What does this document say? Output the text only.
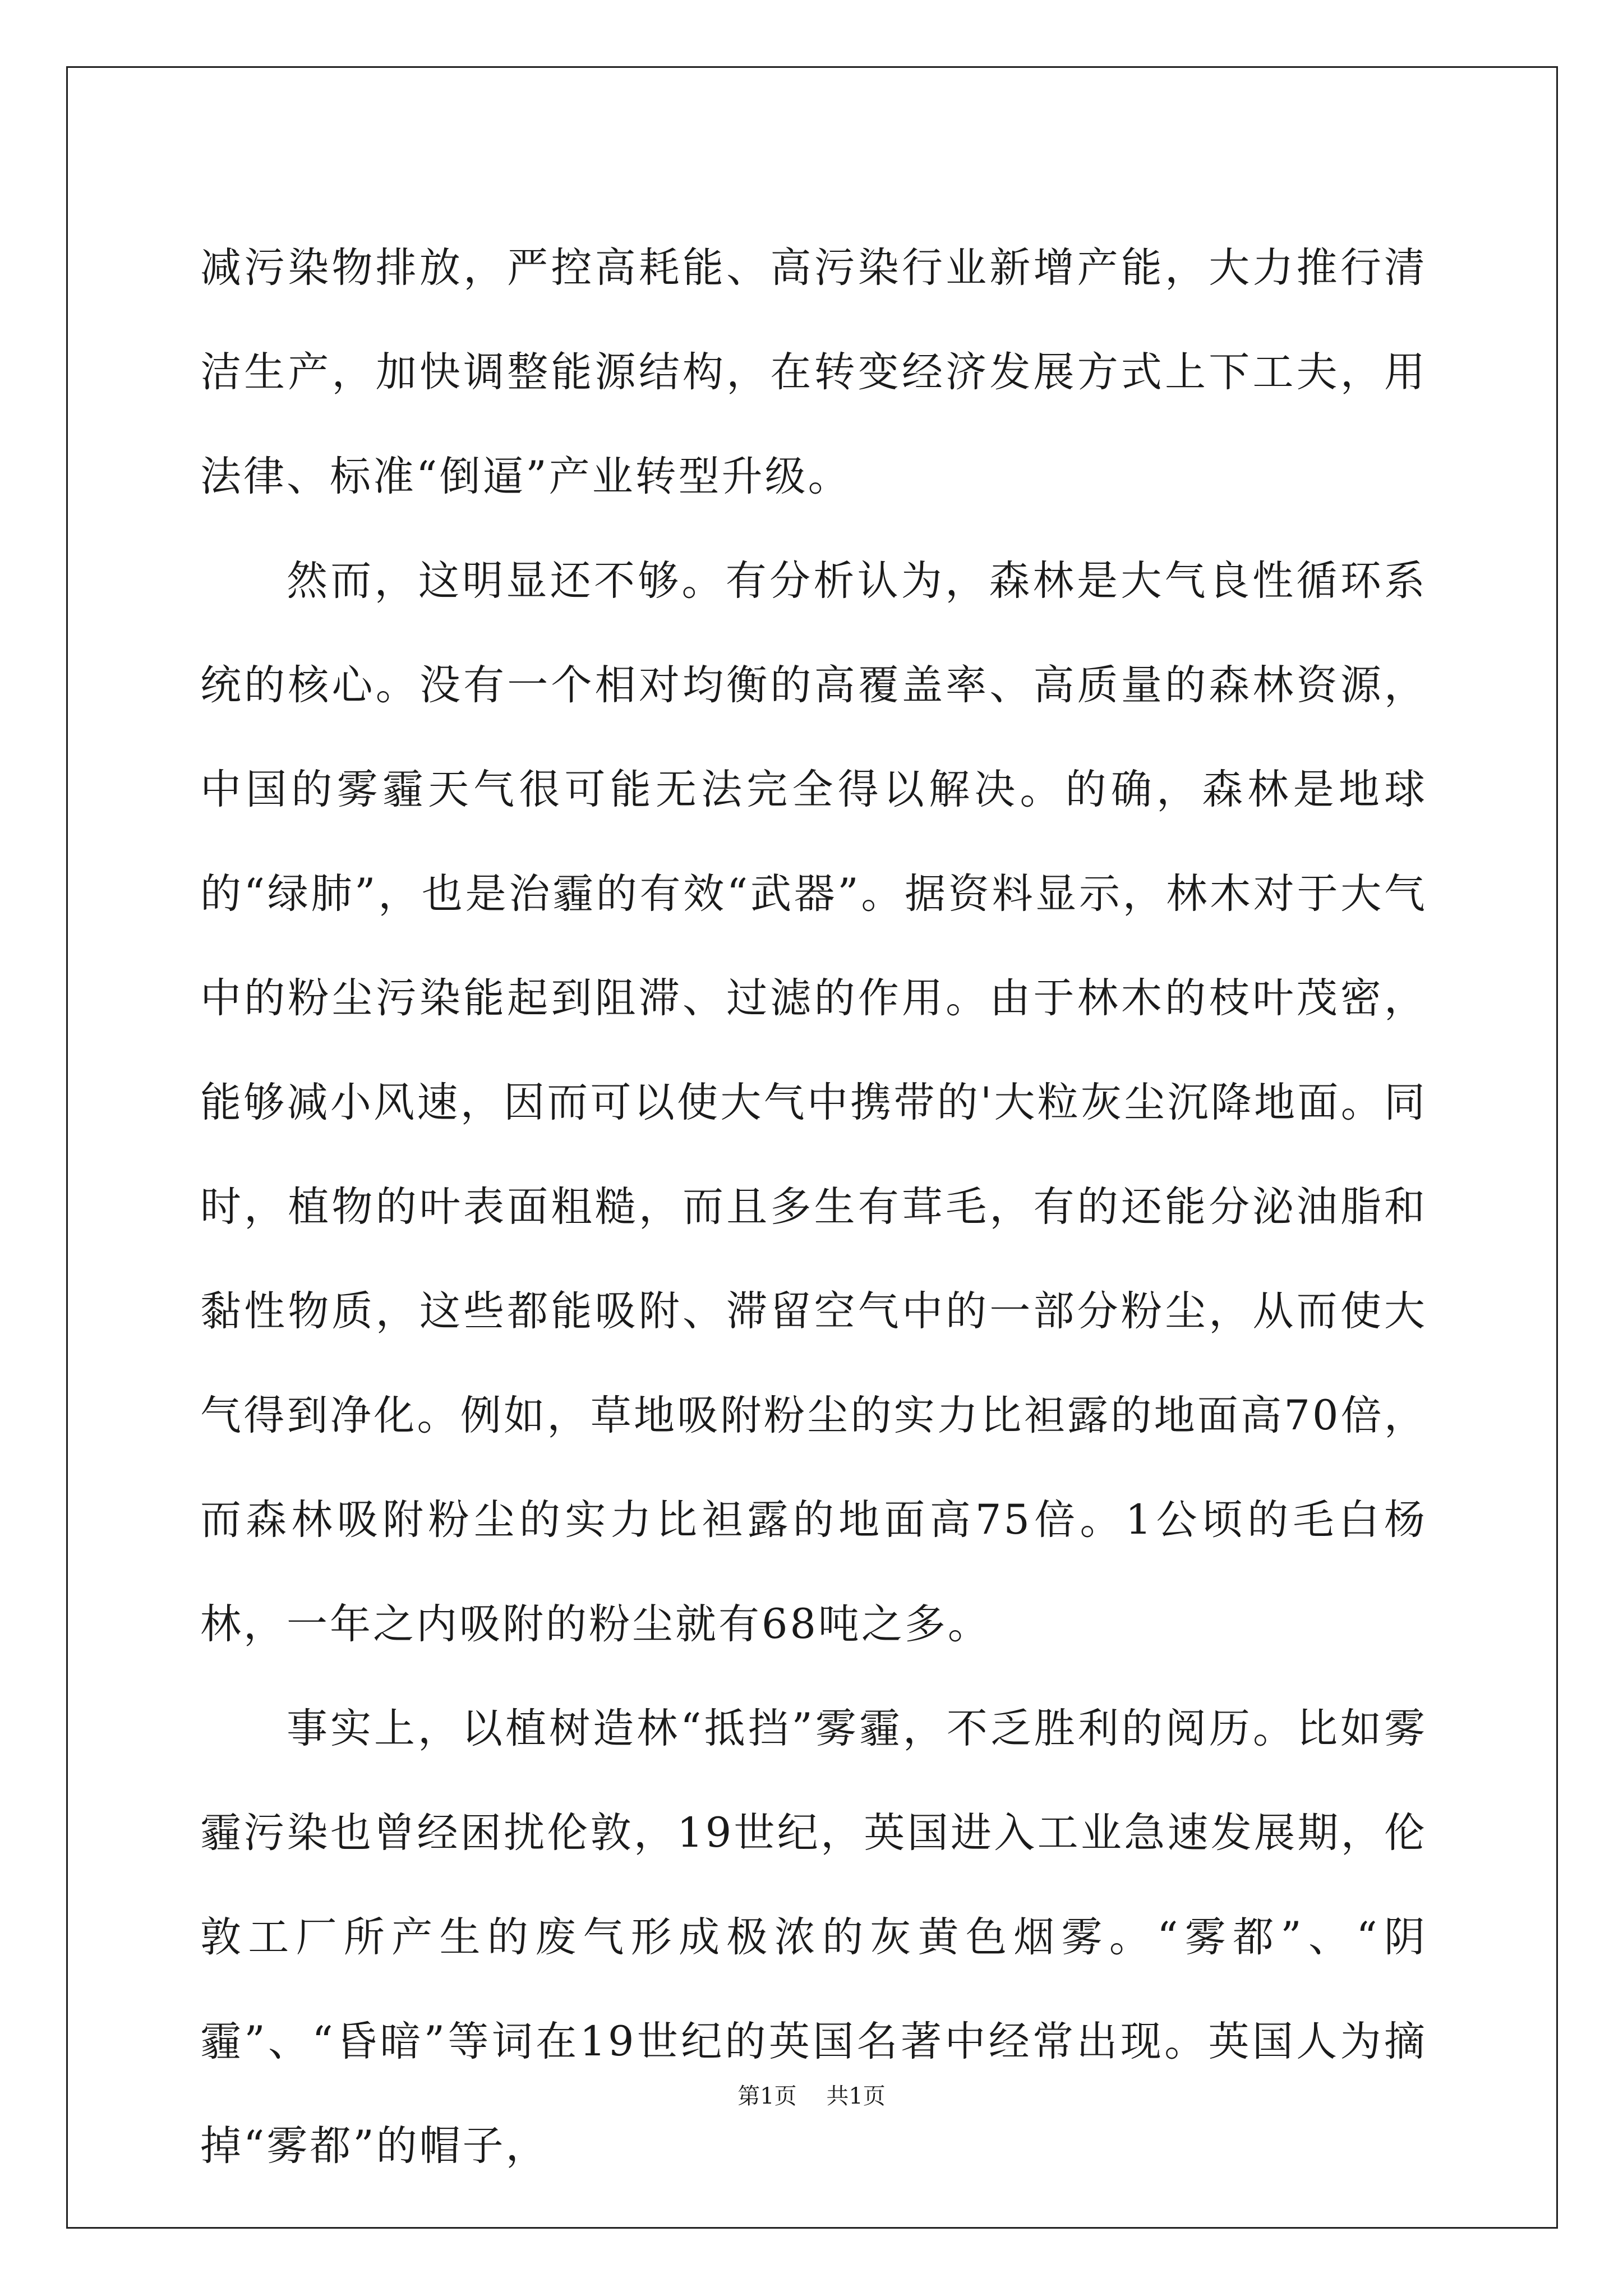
减污染物排放，严控高耗能、高污染行业新增产能，大力推行清洁生产，加快调整能源结构，在转变经济发展方式上下工夫，用法律、标准“倒逼”产业转型升级。

然而，这明显还不够。有分析认为，森林是大气良性循环系统的核心。没有一个相对均衡的高覆盖率、高质量的森林资源，中国的雾霾天气很可能无法完全得以解决。的确，森林是地球的“绿肺”，也是治霾的有效“武器”。据资料显示，林木对于大气中的粉尘污染能起到阻滞、过滤的作用。由于林木的枝叶茂密，能够减小风速，因而可以使大气中携带的'大粒灰尘沉降地面。同时，植物的叶表面粗糙，而且多生有茸毛，有的还能分泌油脂和黏性物质，这些都能吸附、滞留空气中的一部分粉尘，从而使大气得到净化。例如，草地吸附粉尘的实力比袒露的地面高70倍，而森林吸附粉尘的实力比袒露的地面高75倍。1公顷的毛白杨林，一年之内吸附的粉尘就有68吨之多。

事实上，以植树造林“抵挡”雾霾，不乏胜利的阅历。比如雾霾污染也曾经困扰伦敦，19世纪，英国进入工业急速发展期，伦敦工厂所产生的废气形成极浓的灰黄色烟雾。“雾都”、“阴霾”、“昏暗”等词在19世纪的英国名著中经常出现。英国人为摘掉“雾都”的帽子，

第1页 共1页
